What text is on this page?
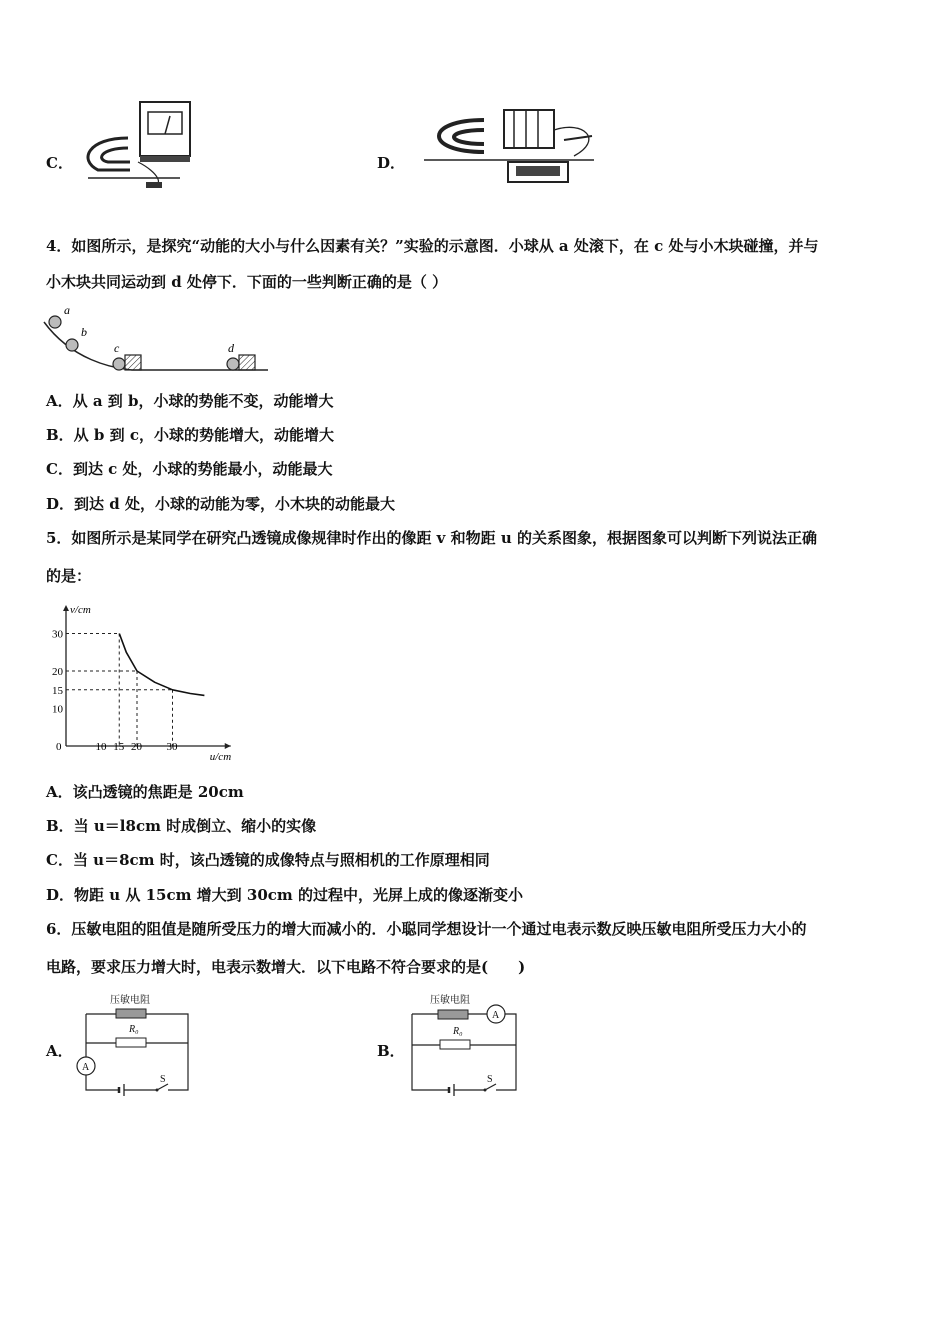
C．	D．
4．如图所示，是探究“动能的大小与什么因素有关？”实验的示意图．小球从 a 处滚下，在 c 处与小木块碰撞，并与
小木块共同运动到 d 处停下．下面的一些判断正确的是（ ）
a
b
c	d
A．从 a 到 b，小球的势能不变，动能增大
B．从 b 到 c，小球的势能增大，动能增大
C．到达 c 处，小球的势能最小，动能最大
D．到达 d 处，小球的动能为零，小木块的动能最大
5．如图所示是某同学在研究凸透镜成像规律时作出的像距 v 和物距 u 的关系图象，根据图象可以判断下列说法正确
的是：
v/cm
u/cm
0	10 15 20 30
10
15
20
30
A．该凸透镜的焦距是 20cm
B．当 u＝l8cm 时成倒立、缩小的实像
C．当 u＝8cm 时，该凸透镜的成像特点与照相机的工作原理相同
D．物距 u 从 15cm 增大到 30cm 的过程中，光屏上成的像逐渐变小
6．压敏电阻的阻值是随所受压力的增大而减小的．小聪同学想设计一个通过电表示数反映压敏电阻所受压力大小的
电路，要求压力增大时，电表示数增大．以下电路不符合要求的是(　　)
A．
压敏电阻
R₀
S
A
B．
压敏电阻
A
R₀
S
